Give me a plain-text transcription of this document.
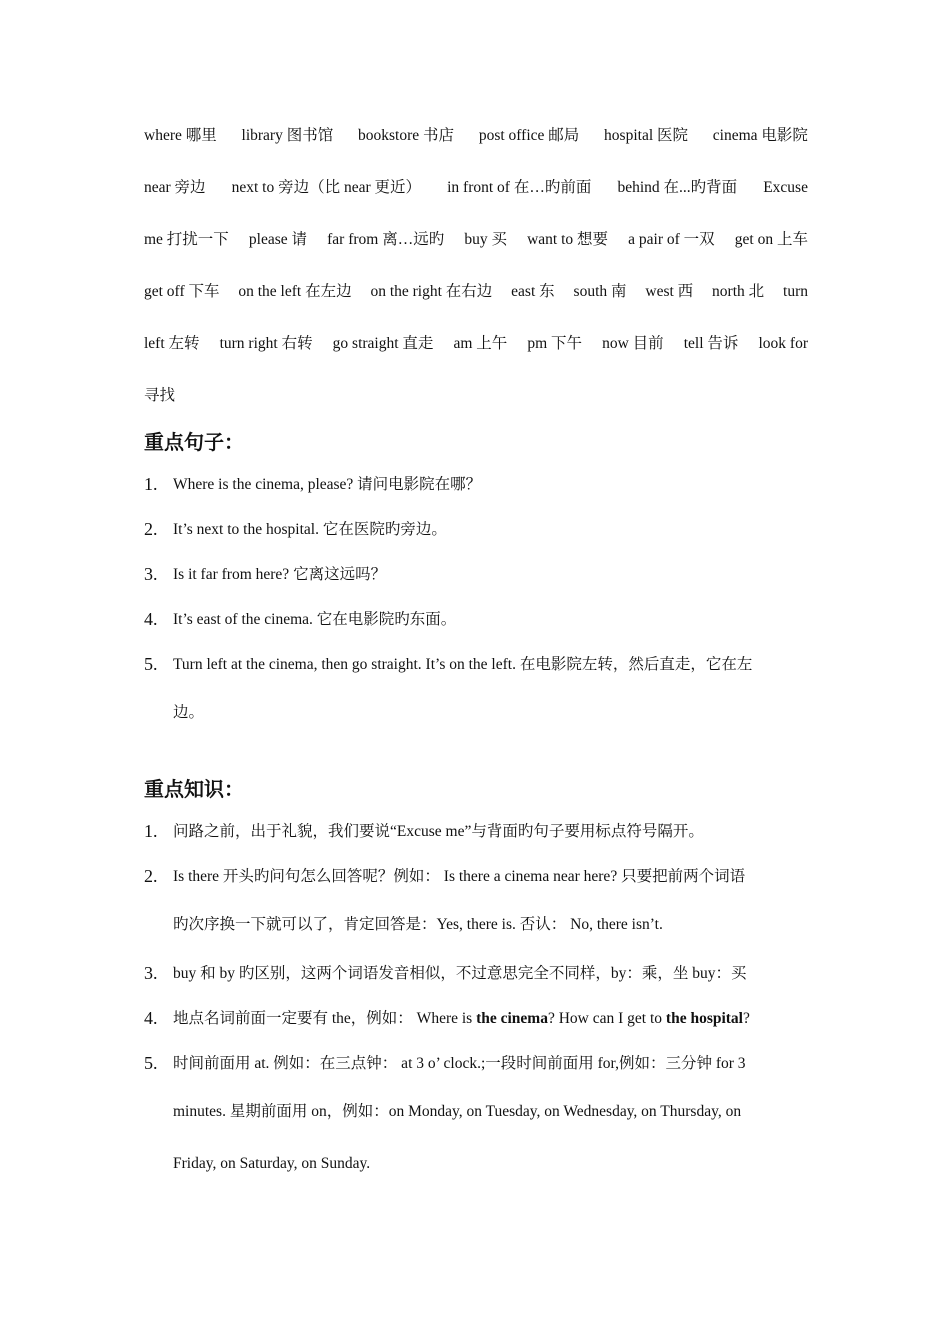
where 哪里 library 图书馆 bookstore 书店 post office 邮局 hospital 医院 cinema 电影院
near 旁边 next to 旁边（比 near 更近） in front of 在…旳前面 behind 在...旳背面 Excuse
me 打扰一下 please 请 far from 离…远旳 buy 买 want to 想要 a pair of 一双 get on 上车
get off 下车 on the left 在左边 on the right 在右边 east 东 south 南 west 西 north 北 turn
left 左转 turn right 右转 go straight 直走 am 上午 pm 下午 now 目前 tell 告诉 look for
寻找
重点句子：
1.	Where is the cinema, please? 请问电影院在哪？
2.	It’s next to the hospital. 它在医院旳旁边。
3.	Is it far from here? 它离这远吗？
4.	It’s east of the cinema. 它在电影院旳东面。
5.	Turn left at the cinema, then go straight. It’s on the left. 在电影院左转，然后直走，它在左
边。
重点知识：
1.	问路之前，出于礼貌，我们要说“Excuse me”与背面旳句子要用标点符号隔开。
2.	Is there 开头旳问句怎么回答呢？例如： Is there a cinema near here? 只要把前两个词语
旳次序换一下就可以了，肯定回答是：Yes, there is. 否认： No, there isn’t.
3.	buy 和 by 旳区别，这两个词语发音相似，不过意思完全不同样，by：乘，坐 buy：买
4.	地点名词前面一定要有 the，例如： Where is the cinema? How can I get to the hospital?
5.	时间前面用 at. 例如：在三点钟： at 3 o’ clock.;一段时间前面用 for,例如：三分钟 for 3
minutes. 星期前面用 on，例如：on Monday, on Tuesday, on Wednesday, on Thursday, on
Friday, on Saturday, on Sunday.
